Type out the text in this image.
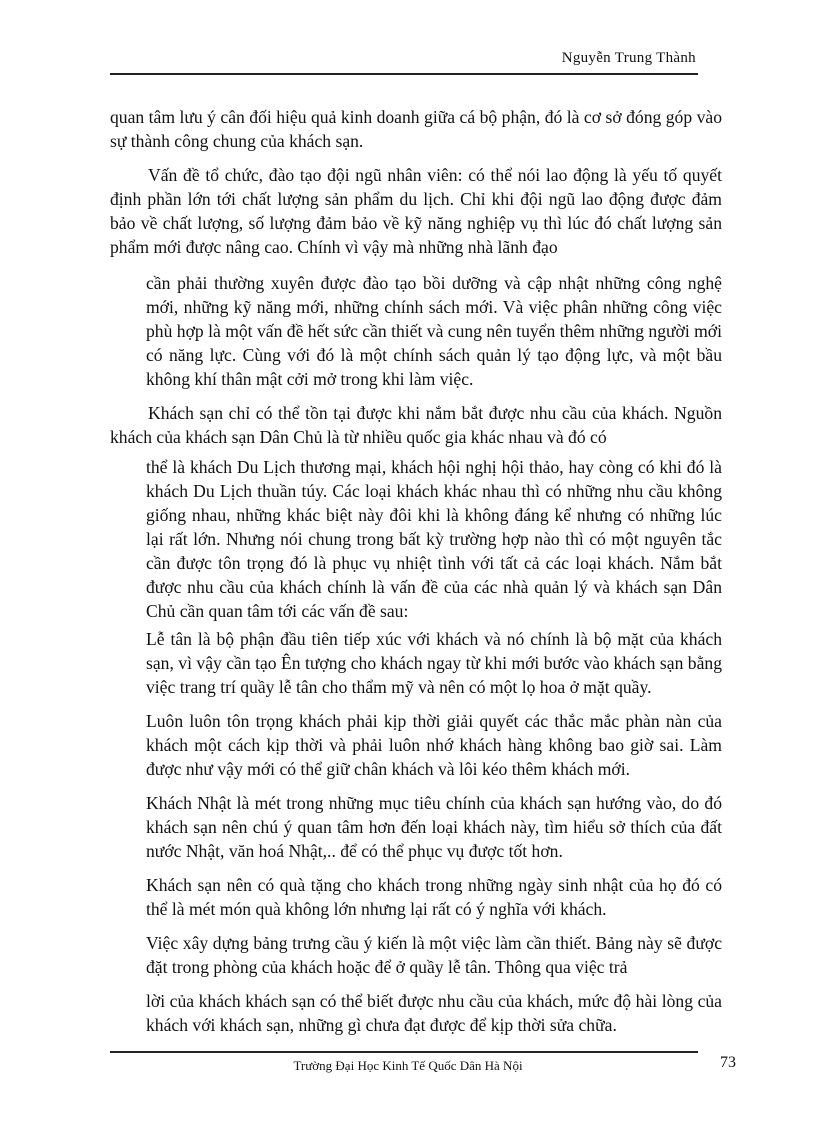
Nguyễn Trung Thành

quan tâm lưu ý cân đối hiệu quả kinh doanh giữa cá bộ phận, đó là cơ sở đóng góp vào sự thành công chung của khách sạn.

Vấn đề tổ chức, đào tạo đội ngũ nhân viên: có thể nói lao động là yếu tố quyết định phần lớn tới chất lượng sản phẩm du lịch. Chỉ khi đội ngũ lao động được đảm bảo về chất lượng, số lượng đảm bảo về kỹ năng nghiệp vụ thì lúc đó chất lượng sản phẩm mới được nâng cao. Chính vì vậy mà những nhà lãnh đạo

cần phải thường xuyên được đào tạo bồi dưỡng và cập nhật những công nghệ mới, những kỹ năng mới, những chính sách mới. Và việc phân những công việc phù hợp là một vấn đề hết sức cần thiết và cung nên tuyển thêm những người mới có năng lực. Cùng với đó là một chính sách quản lý tạo động lực, và một bầu không khí thân mật cởi mở trong khi làm việc.

Khách sạn chỉ có thể tồn tại được khi nắm bắt được nhu cầu của khách. Nguồn khách của khách sạn Dân Chủ là từ nhiều quốc gia khác nhau và đó có

thể là khách Du Lịch thương mại, khách hội nghị hội thảo, hay còng có khi đó là khách Du Lịch thuần túy. Các loại khách khác nhau thì có những nhu cầu không giống nhau, những khác biệt này đôi khi là không đáng kể nhưng có những lúc lại rất lớn. Nhưng nói chung trong bất kỳ trường hợp nào thì có một nguyên tắc cần được tôn trọng đó là phục vụ nhiệt tình với tất cả các loại khách. Nắm bắt được nhu cầu của khách chính là vấn đề của các nhà quản lý và khách sạn Dân Chủ cần quan tâm tới các vấn đề sau:

Lễ tân là bộ phận đầu tiên tiếp xúc với khách và nó chính là bộ mặt của khách sạn, vì vậy cần tạo Ên tượng cho khách ngay từ khi mới bước vào khách sạn bằng việc trang trí quầy lễ tân cho thẩm mỹ và nên có một lọ hoa ở mặt quầy.

Luôn luôn tôn trọng khách phải kịp thời giải quyết các thắc mắc phàn nàn của khách một cách kịp thời và phải luôn nhớ khách hàng không bao giờ sai. Làm được như vậy mới có thể giữ chân khách và lôi kéo thêm khách mới.

Khách Nhật là mét trong những mục tiêu chính của khách sạn hướng vào, do đó khách sạn nên chú ý quan tâm hơn đến loại khách này, tìm hiểu sở thích của đất nước Nhật, văn hoá Nhật,.. để có thể phục vụ được tốt hơn.

Khách sạn nên có quà tặng cho khách trong những ngày sinh nhật của họ đó có thể là mét món quà không lớn nhưng lại rất có ý nghĩa với khách.

Việc xây dựng bảng trưng cầu ý kiến là một việc làm cần thiết. Bảng này sẽ được đặt trong phòng của khách hoặc để ở quầy lễ tân. Thông qua việc trả

lời của khách khách sạn có thể biết được nhu cầu của khách, mức độ hài lòng của khách với khách sạn, những gì chưa đạt được để kịp thời sửa chữa.

Trường Đại Học Kinh Tế Quốc Dân Hà Nội	73
